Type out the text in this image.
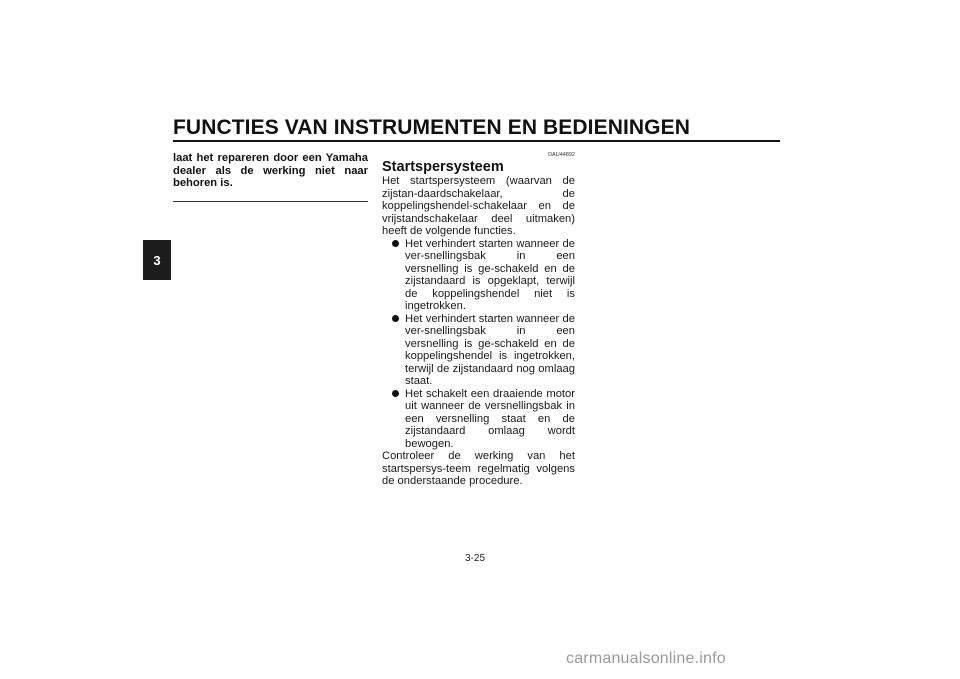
FUNCTIES VAN INSTRUMENTEN EN BEDIENINGEN
3

laat het repareren door een Yamaha dealer als de werking niet naar behoren is.

DAU44892
Startspersysteem

Het startspersysteem (waarvan de zijstan-daardschakelaar, de koppelingshendel-schakelaar en de vrijstandschakelaar deel uitmaken) heeft de volgende functies.

Het verhindert starten wanneer de ver-snellingsbak in een versnelling is ge-schakeld en de zijstandaard is opgeklapt, terwijl de koppelingshendel niet is ingetrokken.
Het verhindert starten wanneer de ver-snellingsbak in een versnelling is ge-schakeld en de koppelingshendel is ingetrokken, terwijl de zijstandaard nog omlaag staat.
Het schakelt een draaiende motor uit wanneer de versnellingsbak in een versnelling staat en de zijstandaard omlaag wordt bewogen.

Controleer de werking van het startspersys-teem regelmatig volgens de onderstaande procedure.

3-25
carmanualsonline.info
